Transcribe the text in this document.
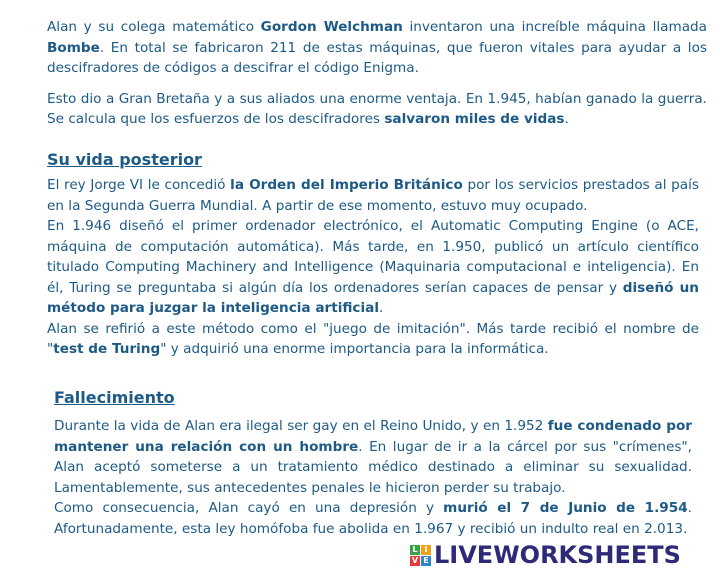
Alan y su colega matemático Gordon Welchman inventaron una increíble máquina llamada Bombe. En total se fabricaron 211 de estas máquinas, que fueron vitales para ayudar a los descifradores de códigos a descifrar el código Enigma.

Esto dio a Gran Bretaña y a sus aliados una enorme ventaja. En 1.945, habían ganado la guerra. Se calcula que los esfuerzos de los descifradores salvaron miles de vidas.

Su vida posterior

El rey Jorge VI le concedió la Orden del Imperio Británico por los servicios prestados al país en la Segunda Guerra Mundial. A partir de ese momento, estuvo muy ocupado.
En 1.946 diseñó el primer ordenador electrónico, el Automatic Computing Engine (o ACE, máquina de computación automática). Más tarde, en 1.950, publicó un artículo científico titulado Computing Machinery and Intelligence (Maquinaria computacional e inteligencia). En él, Turing se preguntaba si algún día los ordenadores serían capaces de pensar y diseñó un método para juzgar la inteligencia artificial.
Alan se refirió a este método como el "juego de imitación". Más tarde recibió el nombre de "test de Turing" y adquirió una enorme importancia para la informática.

Fallecimiento

Durante la vida de Alan era ilegal ser gay en el Reino Unido, y en 1.952 fue condenado por mantener una relación con un hombre. En lugar de ir a la cárcel por sus "crímenes", Alan aceptó someterse a un tratamiento médico destinado a eliminar su sexualidad. Lamentablemente, sus antecedentes penales le hicieron perder su trabajo.
Como consecuencia, Alan cayó en una depresión y murió el 7 de Junio de 1.954. Afortunadamente, esta ley homófoba fue abolida en 1.967 y recibió un indulto real en 2.013.

L I
V E LIVEWORKSHEETS
